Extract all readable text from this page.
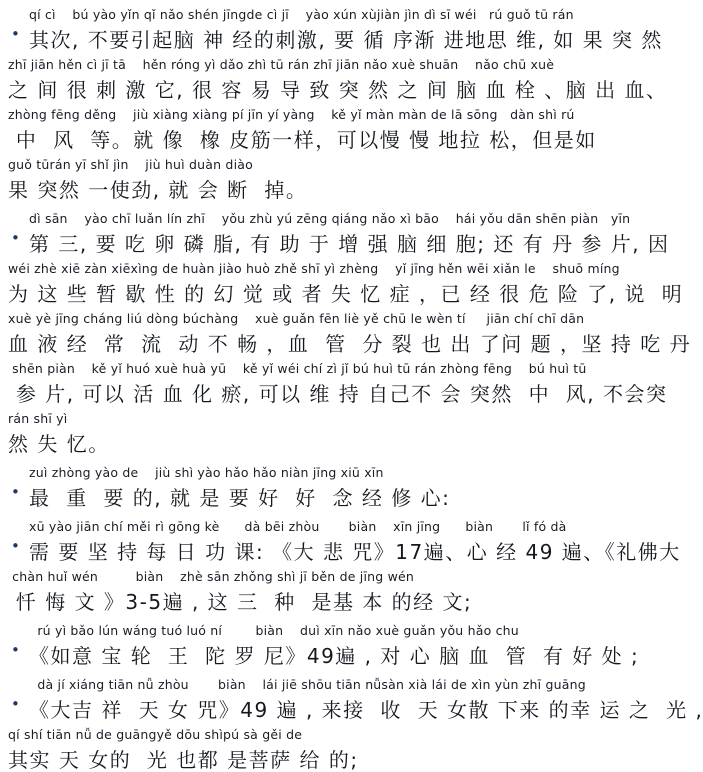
•
qí cì    bú yào yǐn qǐ nǎo shén jīngde cì jī    yào xún xùjiàn jìn dì sī wéi   rú guǒ tū rán
其次, 不要引起脑 神 经的刺激, 要 循 序渐 进地思 维, 如 果 突 然
zhī jiān hěn cì jī tā    hěn róng yì dǎo zhì tū rán zhī jiān nǎo xuè shuān    nǎo chū xuè
之 间 很 刺 激 它, 很 容 易 导 致 突 然 之 间 脑 血 栓 、脑 出 血、
zhòng fēng děng    jiù xiàng xiàng pí jīn yí yàng    kě yǐ màn màn de lā sōng   dàn shì rú
中  风  等。就 像  橡 皮筋一样，可以慢 慢 地拉 松，但是如
guǒ tūrán yī shǐ jìn    jiù huì duàn diào
果 突然 一使劲, 就 会 断  掉。
•
dì sān    yào chī luǎn lín zhī    yǒu zhù yú zēng qiáng nǎo xì bāo    hái yǒu dān shēn piàn   yīn
第 三, 要 吃 卵 磷 脂, 有 助 于 增 强 脑 细 胞; 还 有 丹 参 片, 因
wéi zhè xiē zàn xiēxìng de huàn jiào huò zhě shī yì zhèng    yǐ jīng hěn wēi xiǎn le    shuō míng
为 这 些 暂 歇 性 的 幻 觉 或 者 失 忆 症 ，已 经 很 危 险 了, 说  明
xuè yè jīng cháng liú dòng búchàng    xuè guǎn fēn liè yě chū le wèn tí     jiān chí chī dān
血 液 经  常  流  动 不 畅 ，血  管  分 裂 也 出 了问 题 ，坚 持 吃 丹
shēn piàn    kě yǐ huó xuè huà yū    kě yǐ wéi chí zì jǐ bú huì tū rán zhòng fēng    bú huì tū
参 片, 可以 活 血 化 瘀, 可以 维 持 自己不 会 突然  中  风, 不会突
rán shī yì
然 失 忆。
•
zuì zhòng yào de    jiù shì yào hǎo hǎo niàn jīng xiū xīn
最  重  要 的, 就 是 要 好  好  念 经 修 心:
•
xū yào jiān chí měi rì gōng kè      dà bēi zhòu       biàn    xīn jīng      biàn       lǐ fó dà
需 要 坚 持 每 日 功 课: 《大 悲 咒》17遍、心 经 49 遍、《礼佛大
chàn huǐ wén         biàn    zhè sān zhǒng shì jī běn de jīng wén
忏 悔 文 》3-5遍 , 这 三  种  是基 本 的经 文;
•
rú yì bǎo lún wáng tuó luó ní        biàn    duì xīn nǎo xuè guǎn yǒu hǎo chu
《如意 宝 轮  王  陀 罗 尼》49遍 , 对 心 脑 血  管  有 好 处 ;
•
dà jí xiáng tiān nǚ zhòu       biàn    lái jiē shōu tiān nǚsàn xià lái de xìn yùn zhī guāng
《大吉 祥  天 女 咒》49 遍 , 来接  收  天 女散 下来 的幸 运 之  光 ,
qí shí tiān nǚ de guāngyě dōu shìpú sà gěi de
其实 天 女的  光 也都 是菩萨 给 的;
